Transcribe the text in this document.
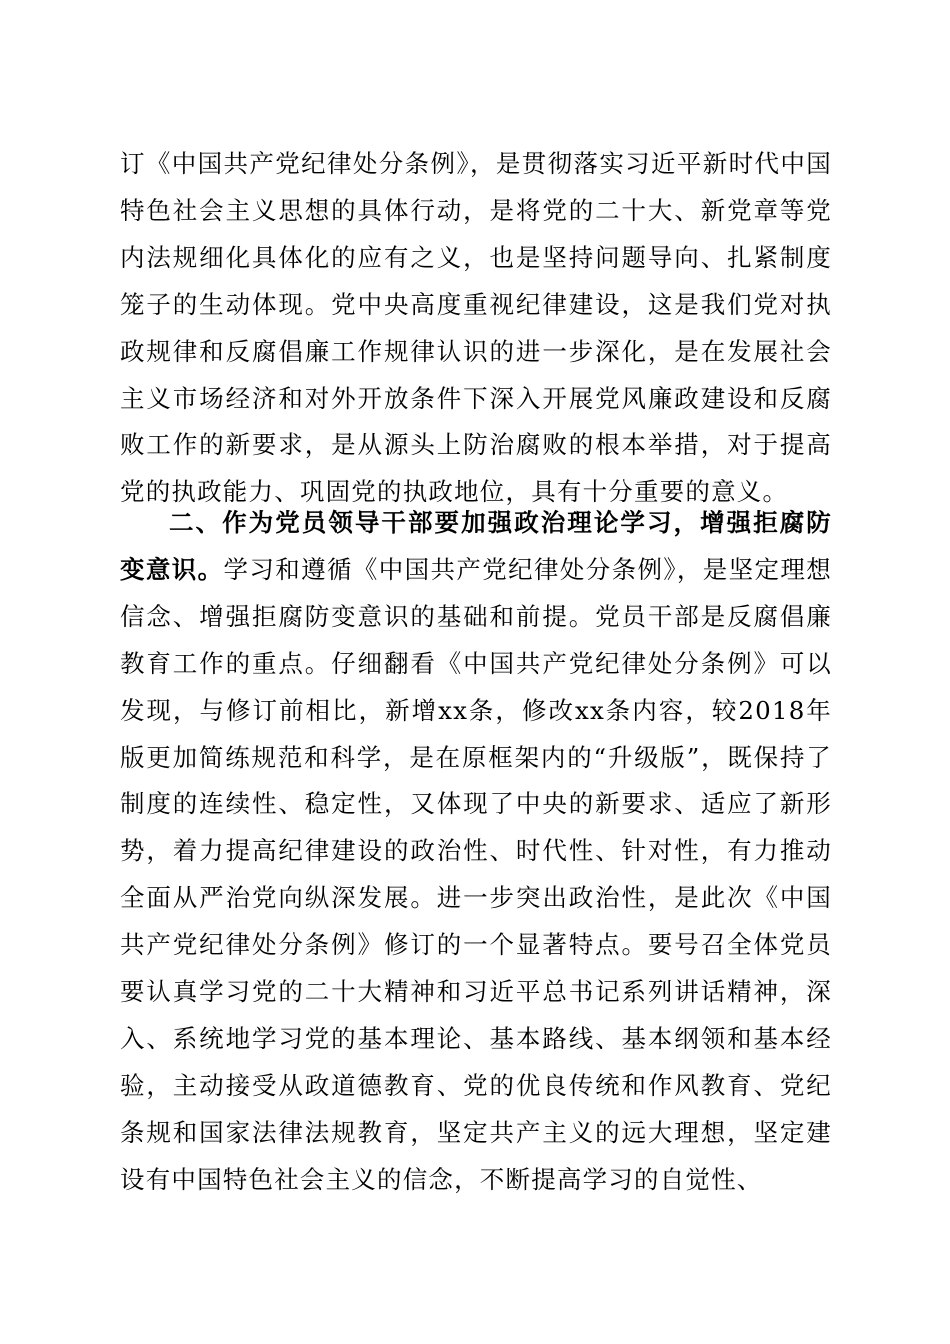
订《中国共产党纪律处分条例》，是贯彻落实习近平新时代中国特色社会主义思想的具体行动，是将党的二十大、新党章等党内法规细化具体化的应有之义，也是坚持问题导向、扎紧制度笼子的生动体现。党中央高度重视纪律建设，这是我们党对执政规律和反腐倡廉工作规律认识的进一步深化，是在发展社会主义市场经济和对外开放条件下深入开展党风廉政建设和反腐败工作的新要求，是从源头上防治腐败的根本举措，对于提高党的执政能力、巩固党的执政地位，具有十分重要的意义。

二、作为党员领导干部要加强政治理论学习，增强拒腐防变意识。学习和遵循《中国共产党纪律处分条例》，是坚定理想信念、增强拒腐防变意识的基础和前提。党员干部是反腐倡廉教育工作的重点。仔细翻看《中国共产党纪律处分条例》可以发现，与修订前相比，新增xx条，修改xx条内容，较2018年版更加简练规范和科学，是在原框架内的“升级版”，既保持了制度的连续性、稳定性，又体现了中央的新要求、适应了新形势，着力提高纪律建设的政治性、时代性、针对性，有力推动全面从严治党向纵深发展。进一步突出政治性，是此次《中国共产党纪律处分条例》修订的一个显著特点。要号召全体党员要认真学习党的二十大精神和习近平总书记系列讲话精神，深入、系统地学习党的基本理论、基本路线、基本纲领和基本经验，主动接受从政道德教育、党的优良传统和作风教育、党纪条规和国家法律法规教育，坚定共产主义的远大理想，坚定建设有中国特色社会主义的信念，不断提高学习的自觉性、
